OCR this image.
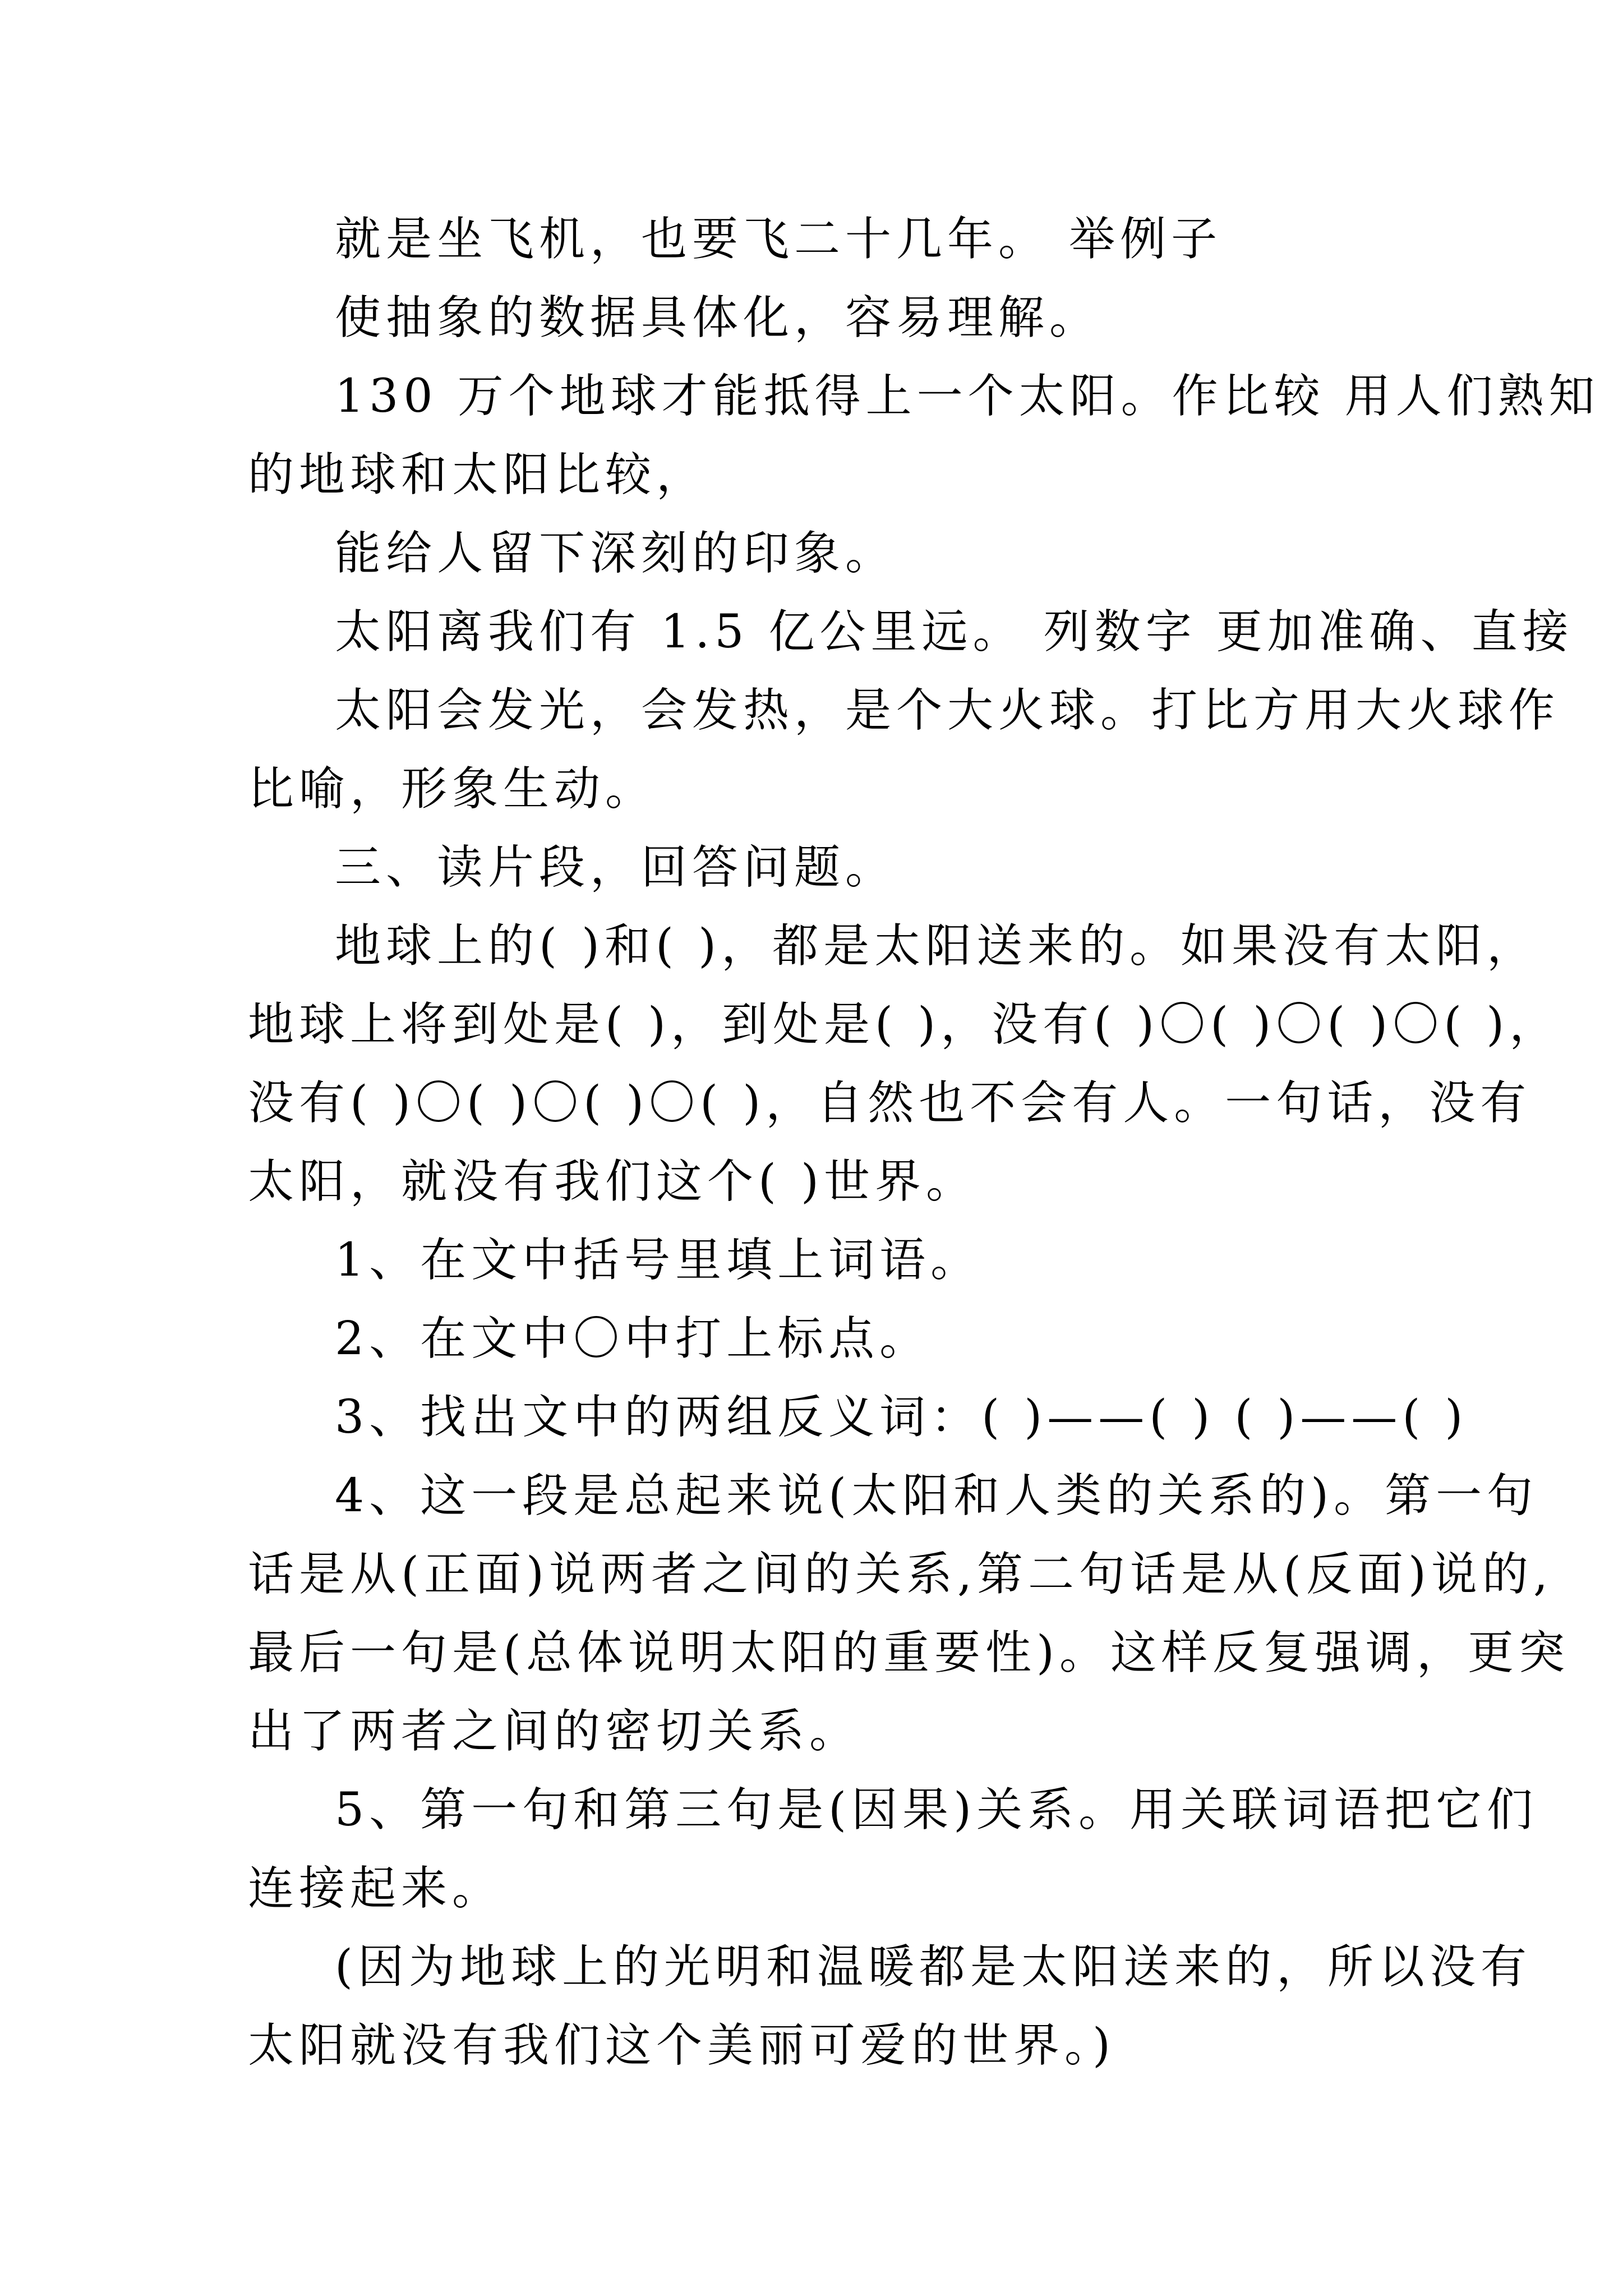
就是坐飞机，也要飞二十几年。 举例子
使抽象的数据具体化，容易理解。
130 万个地球才能抵得上一个太阳。作比较 用人们熟知
的地球和太阳比较，
能给人留下深刻的印象。
太阳离我们有 1.5 亿公里远。 列数字 更加准确、直接
太阳会发光，会发热，是个大火球。打比方用大火球作
比喻，形象生动。
三、读片段，回答问题。
地球上的( )和( )，都是太阳送来的。如果没有太阳，
地球上将到处是( )，到处是( )，没有( )〇( )〇( )〇( )，
没有( )〇( )〇( )〇( )，自然也不会有人。一句话，没有
太阳，就没有我们这个( )世界。
1、在文中括号里填上词语。
2、在文中〇中打上标点。
3、找出文中的两组反义词：( )——( ) ( )——( )
4、这一段是总起来说(太阳和人类的关系的)。第一句
话是从(正面)说两者之间的关系,第二句话是从(反面)说的,
最后一句是(总体说明太阳的重要性)。这样反复强调，更突
出了两者之间的密切关系。
5、第一句和第三句是(因果)关系。用关联词语把它们
连接起来。
(因为地球上的光明和温暖都是太阳送来的，所以没有
太阳就没有我们这个美丽可爱的世界。)
